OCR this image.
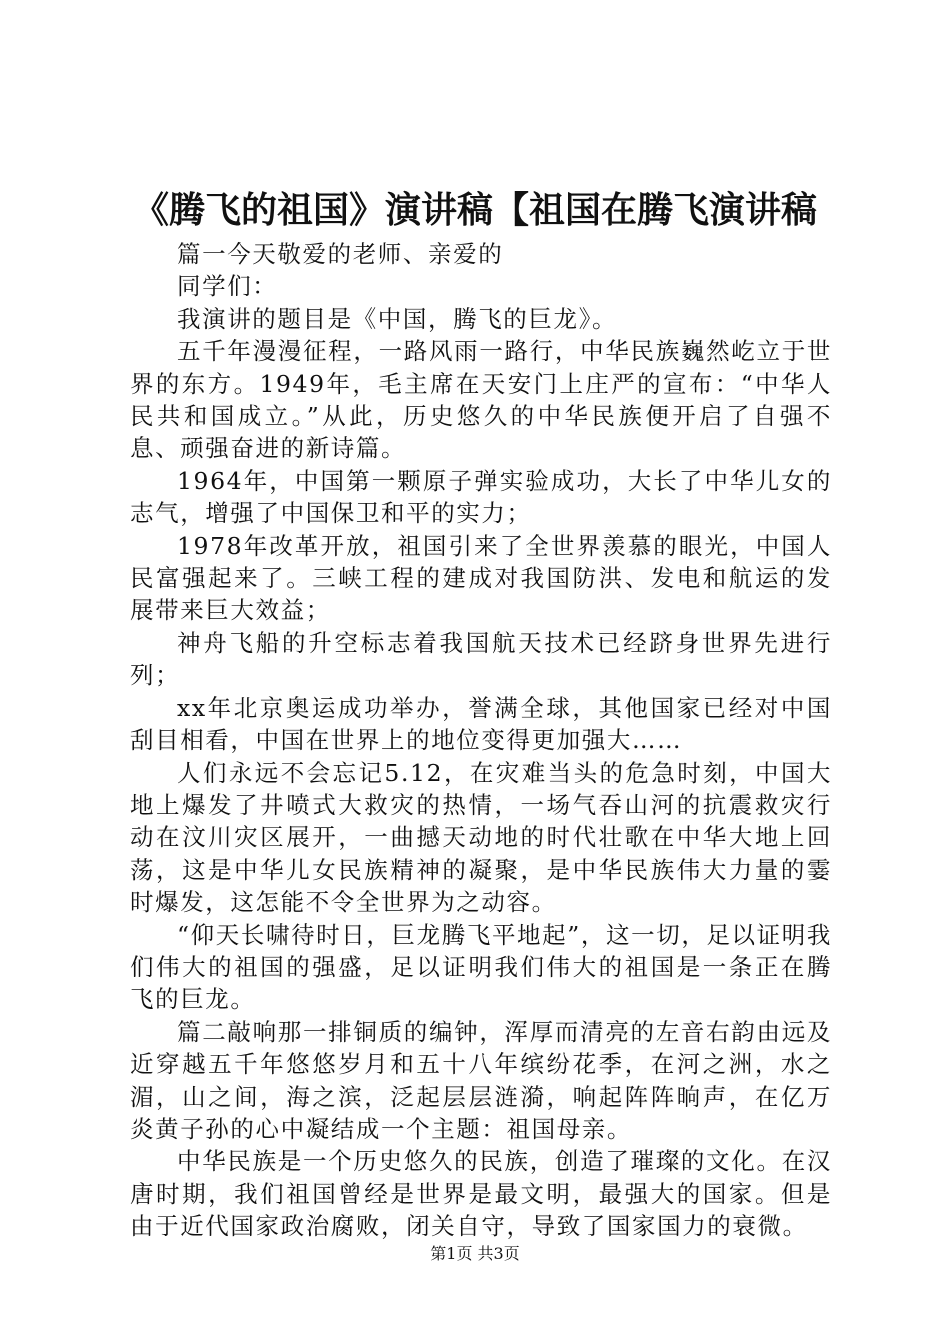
《腾飞的祖国》演讲稿【祖国在腾飞演讲稿

篇一今天敬爱的老师、亲爱的

同学们：

我演讲的题目是《中国，腾飞的巨龙》。

五千年漫漫征程，一路风雨一路行，中华民族巍然屹立于世界的东方。1949年，毛主席在天安门上庄严的宣布：“中华人民共和国成立。”从此，历史悠久的中华民族便开启了自强不息、顽强奋进的新诗篇。

1964年，中国第一颗原子弹实验成功，大长了中华儿女的志气，增强了中国保卫和平的实力；

1978年改革开放，祖国引来了全世界羡慕的眼光，中国人民富强起来了。三峡工程的建成对我国防洪、发电和航运的发展带来巨大效益；

神舟飞船的升空标志着我国航天技术已经跻身世界先进行列；

xx年北京奥运成功举办，誉满全球，其他国家已经对中国刮目相看，中国在世界上的地位变得更加强大……

人们永远不会忘记5.12，在灾难当头的危急时刻，中国大地上爆发了井喷式大救灾的热情，一场气吞山河的抗震救灾行动在汶川灾区展开，一曲撼天动地的时代壮歌在中华大地上回荡，这是中华儿女民族精神的凝聚，是中华民族伟大力量的霎时爆发，这怎能不令全世界为之动容。

“仰天长啸待时日，巨龙腾飞平地起”，这一切，足以证明我们伟大的祖国的强盛，足以证明我们伟大的祖国是一条正在腾飞的巨龙。

篇二敲响那一排铜质的编钟，浑厚而清亮的左音右韵由远及近穿越五千年悠悠岁月和五十八年缤纷花季，在河之洲，水之湄，山之间，海之滨，泛起层层涟漪，响起阵阵晌声，在亿万炎黄子孙的心中凝结成一个主题：祖国母亲。

中华民族是一个历史悠久的民族，创造了璀璨的文化。在汉唐时期，我们祖国曾经是世界是最文明，最强大的国家。但是由于近代国家政治腐败，闭关自守，导致了国家国力的衰微。

第1页 共3页
